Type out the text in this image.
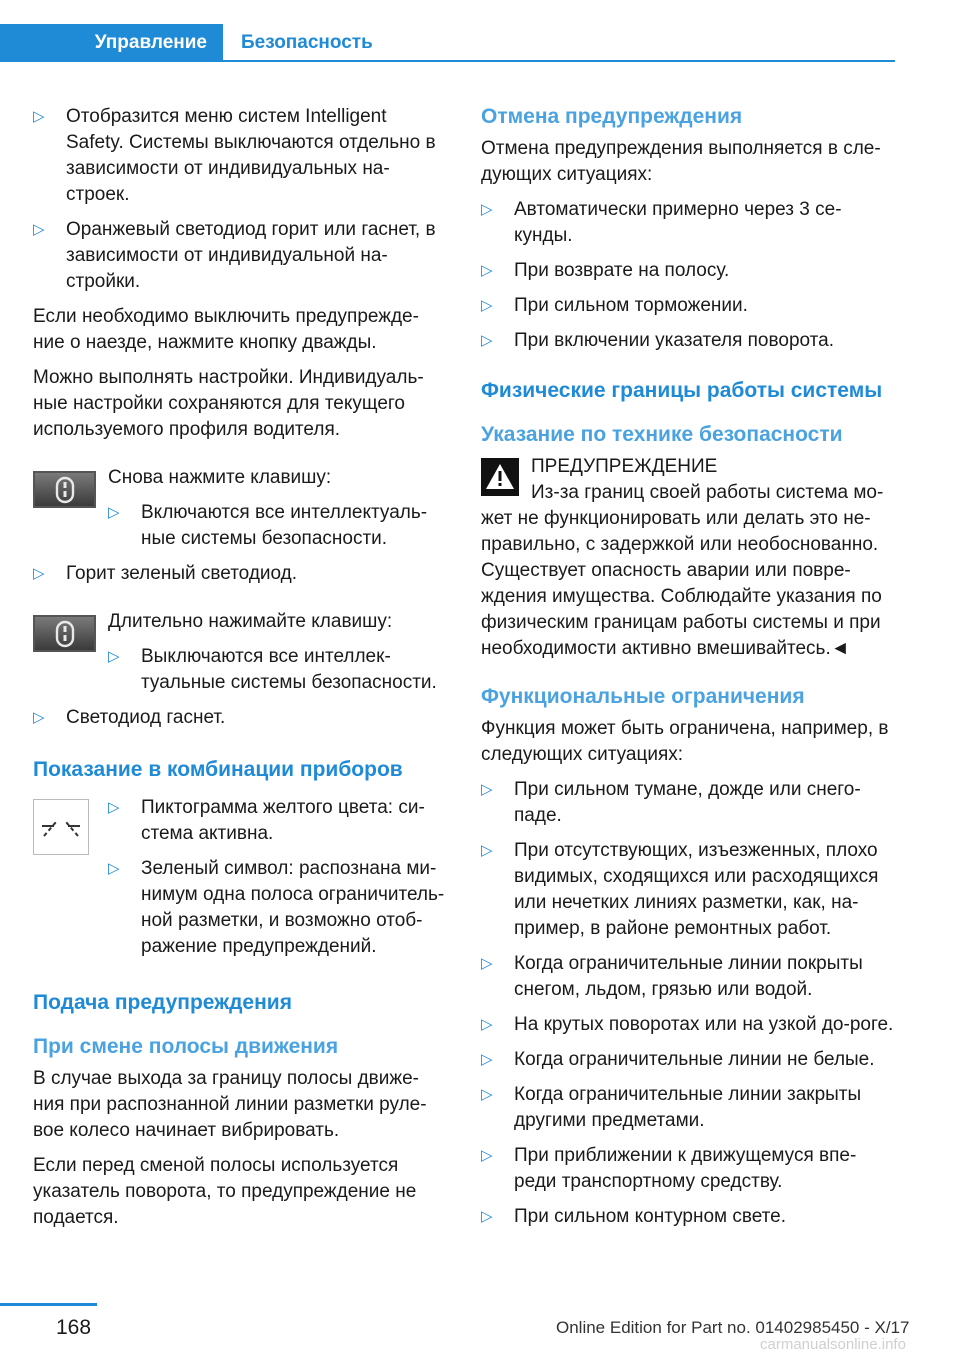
Управление Безопасность
▷ Отобразится меню систем Intelligent Safety. Системы выключаются отдельно в зависимости от индивидуальных на-строек.
▷ Оранжевый светодиод горит или гаснет, в зависимости от индивидуальной на-стройки.

Если необходимо выключить предупрежде-ние о наезде, нажмите кнопку дважды.

Можно выполнять настройки. Индивидуаль-ные настройки сохраняются для текущего используемого профиля водителя.

Снова нажмите клавишу:

▷ Включаются все интеллектуаль-ные системы безопасности.
▷ Горит зеленый светодиод.

Длительно нажимайте клавишу:

▷ Выключаются все интеллек-туальные системы безопасности.
▷ Светодиод гаснет.
Показание в комбинации приборов
▷ Пиктограмма желтого цвета: си-стема активна.
▷ Зеленый символ: распознана ми-нимум одна полоса ограничитель-ной разметки, и возможно отоб-ражение предупреждений.
Подача предупреждения
При смене полосы движения

В случае выхода за границу полосы движе-ния при распознанной линии разметки руле-вое колесо начинает вибрировать.

Если перед сменой полосы используется указатель поворота, то предупреждение не подается.

Отмена предупреждения

Отмена предупреждения выполняется в сле-дующих ситуациях:

▷ Автоматически примерно через 3 се-кунды.
▷ При возврате на полосу.
▷ При сильном торможении.
▷ При включении указателя поворота.
Физические границы работы системы
Указание по технике безопасности

ПРЕДУПРЕЖДЕНИЕ

Из-за границ своей работы система мо-жет не функционировать или делать это не-правильно, с задержкой или необоснованно. Существует опасность аварии или повре-ждения имущества. Соблюдайте указания по физическим границам работы системы и при необходимости активно вмешивайтесь.◄

Функциональные ограничения

Функция может быть ограничена, например, в следующих ситуациях:

▷ При сильном тумане, дожде или снего-паде.
▷ При отсутствующих, изъезженных, плохо видимых, сходящихся или расходящихся или нечетких линиях разметки, как, на-пример, в районе ремонтных работ.
▷ Когда ограничительные линии покрыты снегом, льдом, грязью или водой.
▷ На крутых поворотах или на узкой до-роге.
▷ Когда ограничительные линии не белые.
▷ Когда ограничительные линии закрыты другими предметами.
▷ При приближении к движущемуся впе-реди транспортному средству.
▷ При сильном контурном свете.
168	Online Edition for Part no. 01402985450 - X/17
carmanualsonline.info
